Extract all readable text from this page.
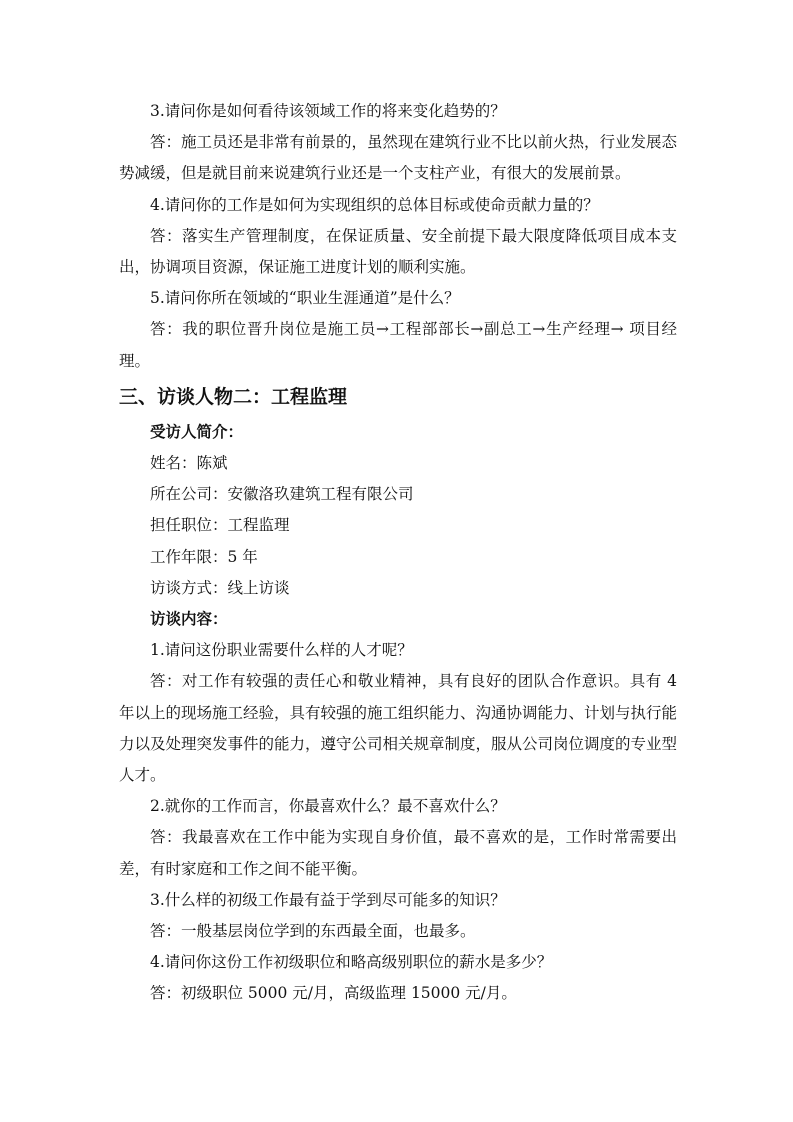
3.请问你是如何看待该领域工作的将来变化趋势的？

答：施工员还是非常有前景的，虽然现在建筑行业不比以前火热，行业发展态势减缓，但是就目前来说建筑行业还是一个支柱产业，有很大的发展前景。

4.请问你的工作是如何为实现组织的总体目标或使命贡献力量的？

答：落实生产管理制度，在保证质量、安全前提下最大限度降低项目成本支出，协调项目资源，保证施工进度计划的顺利实施。

5.请问你所在领域的“职业生涯通道”是什么？

答：我的职位晋升岗位是施工员→工程部部长→副总工→生产经理→ 项目经理。

三、访谈人物二：工程监理

受访人简介：

姓名：陈斌

所在公司：安徽洛玖建筑工程有限公司

担任职位：工程监理

工作年限：5 年

访谈方式：线上访谈

访谈内容：

1.请问这份职业需要什么样的人才呢？

答：对工作有较强的责任心和敬业精神，具有良好的团队合作意识。具有 4 年以上的现场施工经验，具有较强的施工组织能力、沟通协调能力、计划与执行能力以及处理突发事件的能力，遵守公司相关规章制度，服从公司岗位调度的专业型人才。

2.就你的工作而言，你最喜欢什么？最不喜欢什么？

答：我最喜欢在工作中能为实现自身价值，最不喜欢的是，工作时常需要出差，有时家庭和工作之间不能平衡。

3.什么样的初级工作最有益于学到尽可能多的知识？

答：一般基层岗位学到的东西最全面，也最多。

4.请问你这份工作初级职位和略高级别职位的薪水是多少？

答：初级职位 5000 元/月，高级监理 15000 元/月。
